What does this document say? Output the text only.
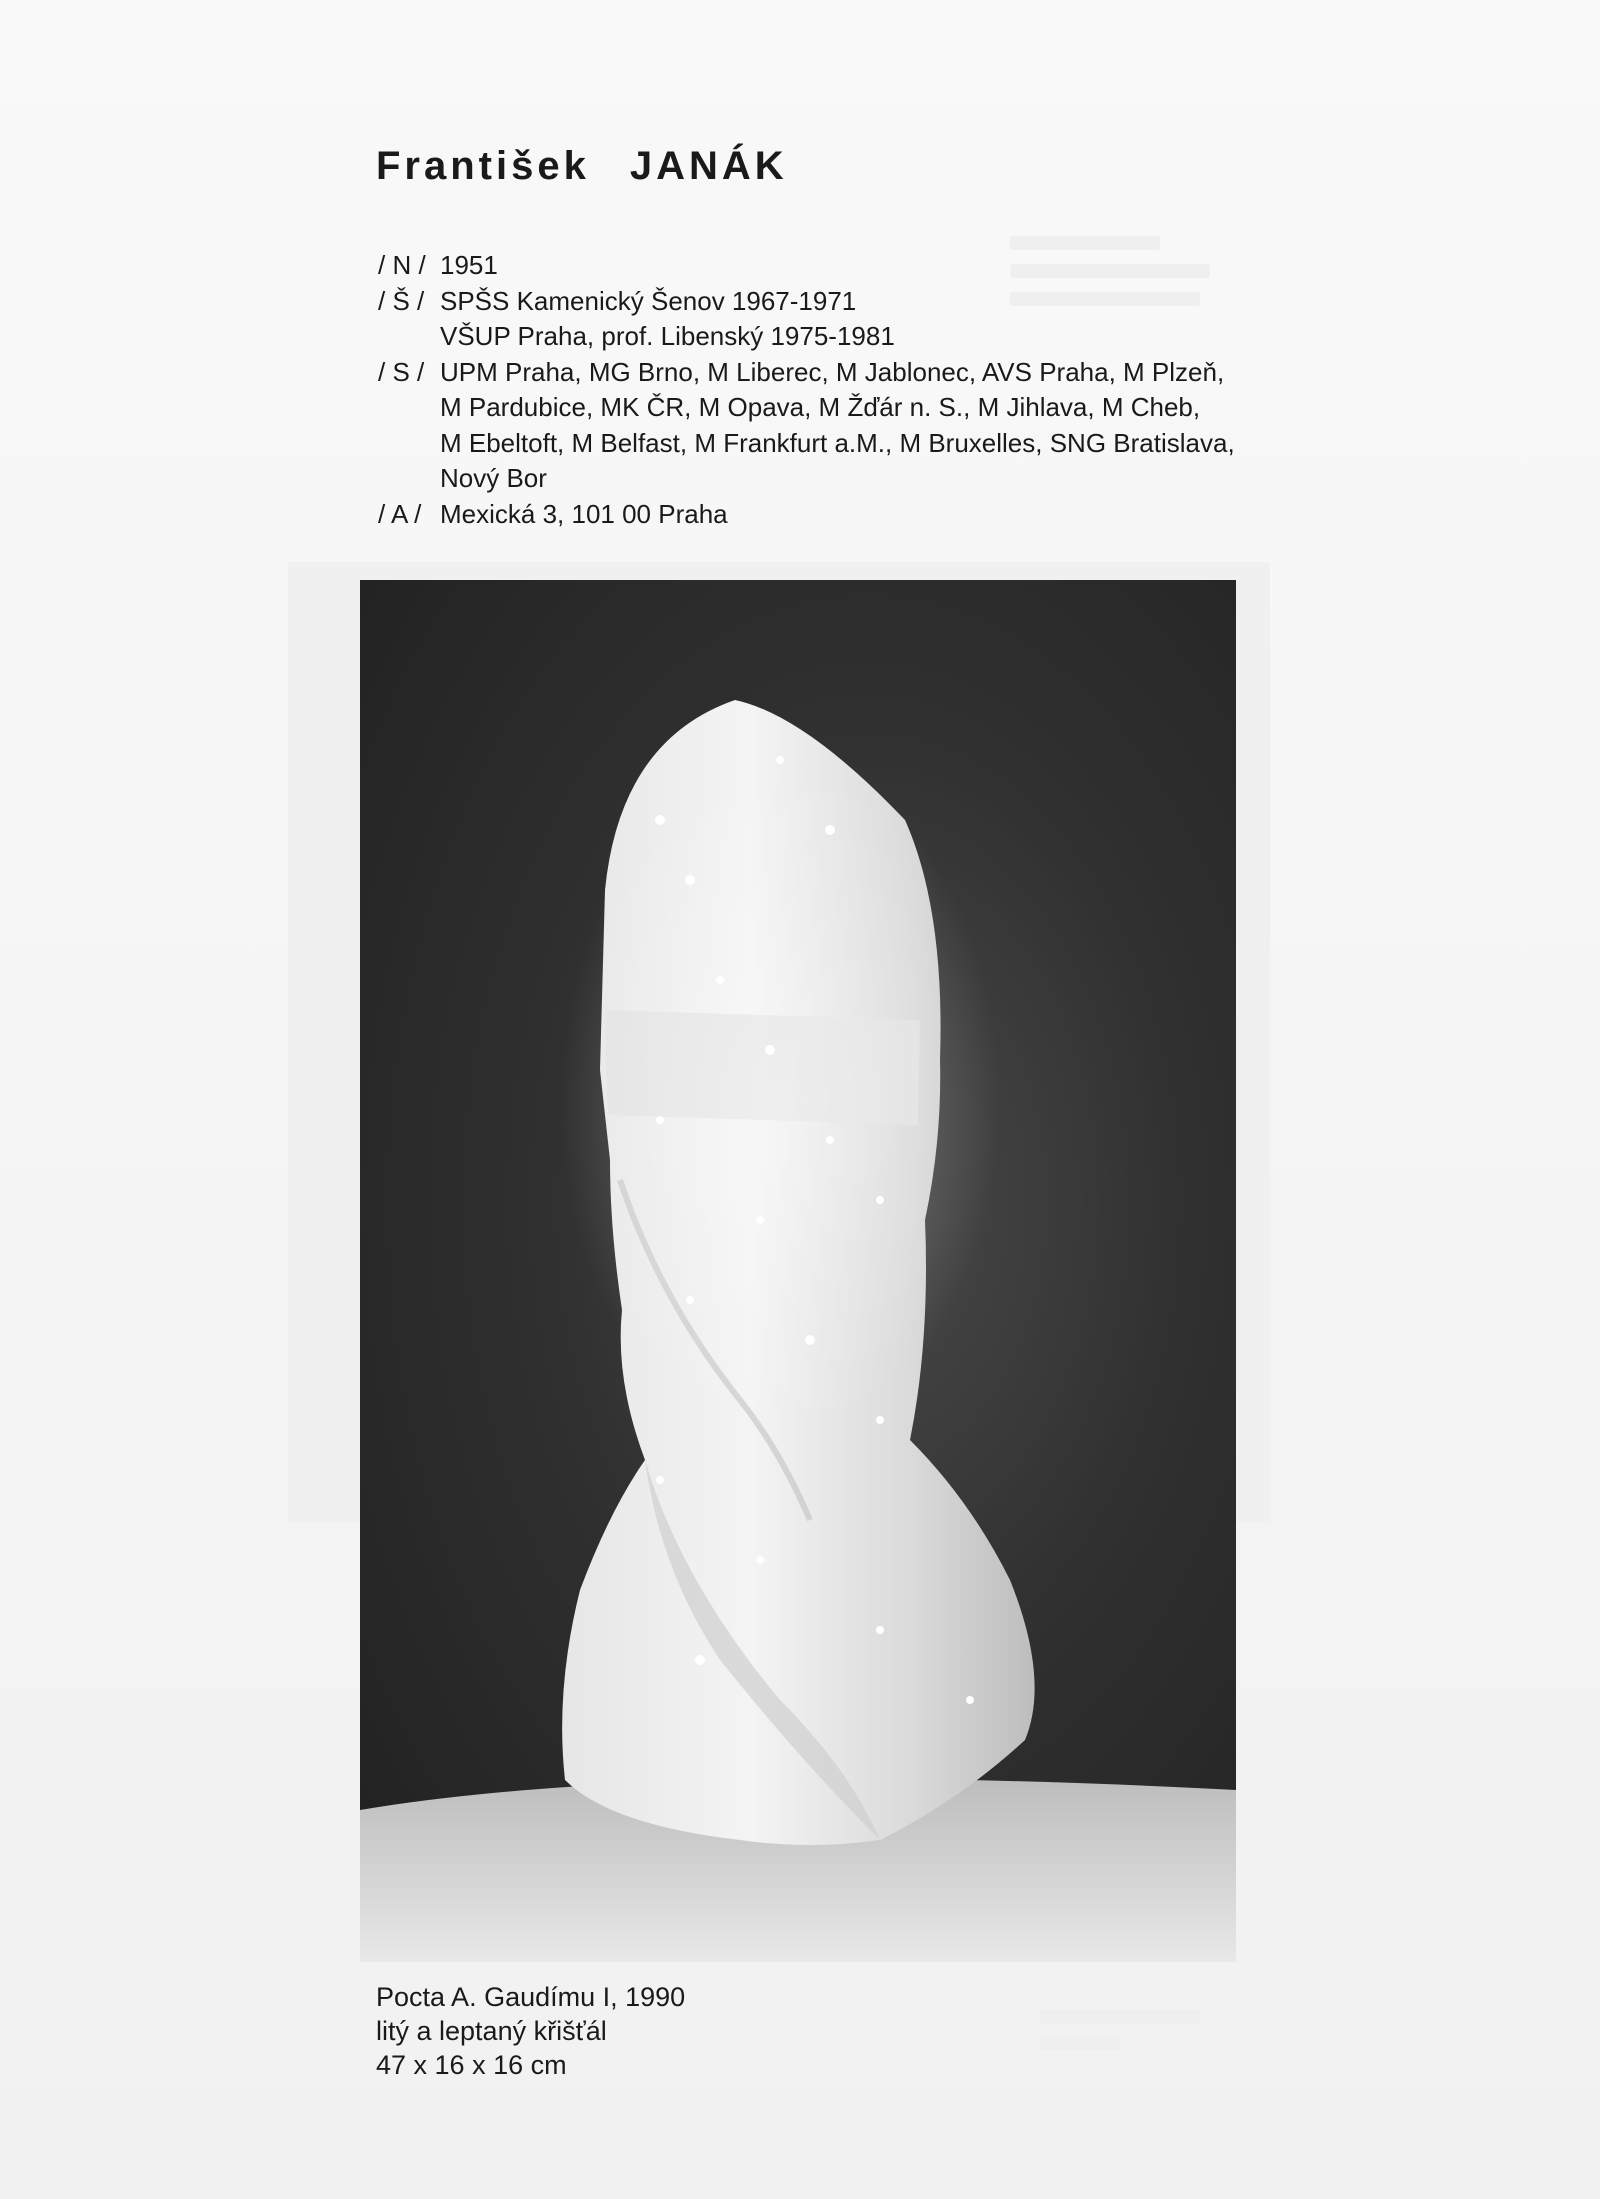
František JANÁK
/ N / 1951
/ Š / SPŠS Kamenický Šenov 1967-1971
VŠUP Praha, prof. Libenský 1975-1981
/ S / UPM Praha, MG Brno, M Liberec, M Jablonec, AVS Praha, M Plzeň,
M Pardubice, MK ČR, M Opava, M Žďár n. S., M Jihlava, M Cheb,
M Ebeltoft, M Belfast, M Frankfurt a.M., M Bruxelles, SNG Bratislava,
Nový Bor
/ A / Mexická 3, 101 00 Praha
Pocta A. Gaudímu I, 1990
litý a leptaný křišťál
47 x 16 x 16 cm
